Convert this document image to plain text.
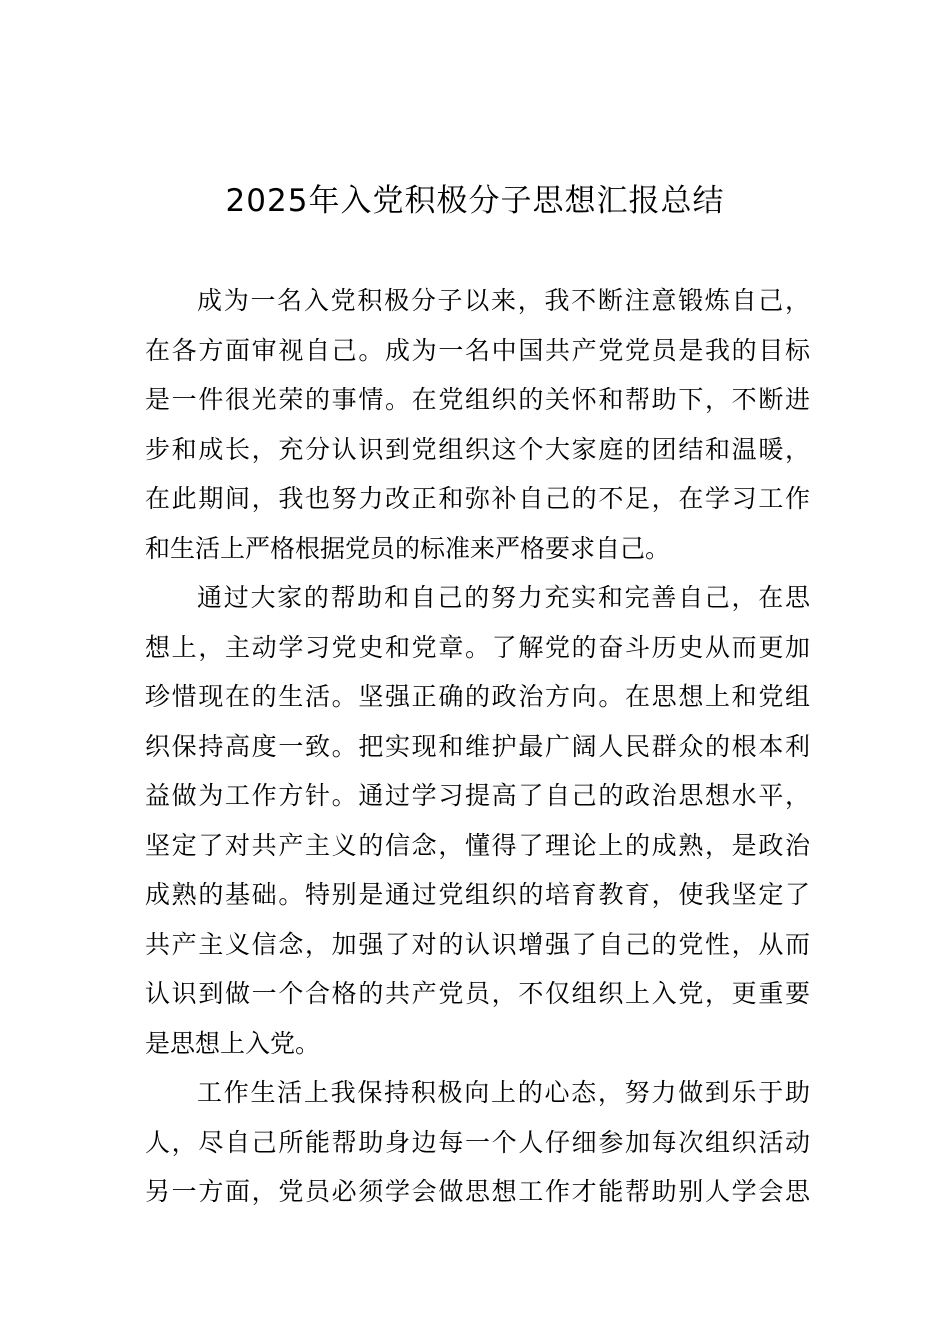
2025年入党积极分子思想汇报总结

成为一名入党积极分子以来，我不断注意锻炼自己，
在各方面审视自己。成为一名中国共产党党员是我的目标
是一件很光荣的事情。在党组织的关怀和帮助下，不断进
步和成长，充分认识到党组织这个大家庭的团结和温暖，
在此期间，我也努力改正和弥补自己的不足，在学习工作
和生活上严格根据党员的标准来严格要求自己。

通过大家的帮助和自己的努力充实和完善自己，在思
想上，主动学习党史和党章。了解党的奋斗历史从而更加
珍惜现在的生活。坚强正确的政治方向。在思想上和党组
织保持高度一致。把实现和维护最广阔人民群众的根本利
益做为工作方针。通过学习提高了自己的政治思想水平，
坚定了对共产主义的信念，懂得了理论上的成熟，是政治
成熟的基础。特别是通过党组织的培育教育，使我坚定了
共产主义信念，加强了对的认识增强了自己的党性，从而
认识到做一个合格的共产党员，不仅组织上入党，更重要
是思想上入党。

工作生活上我保持积极向上的心态，努力做到乐于助
人，尽自己所能帮助身边每一个人仔细参加每次组织活动
另一方面，党员必须学会做思想工作才能帮助别人学会思
